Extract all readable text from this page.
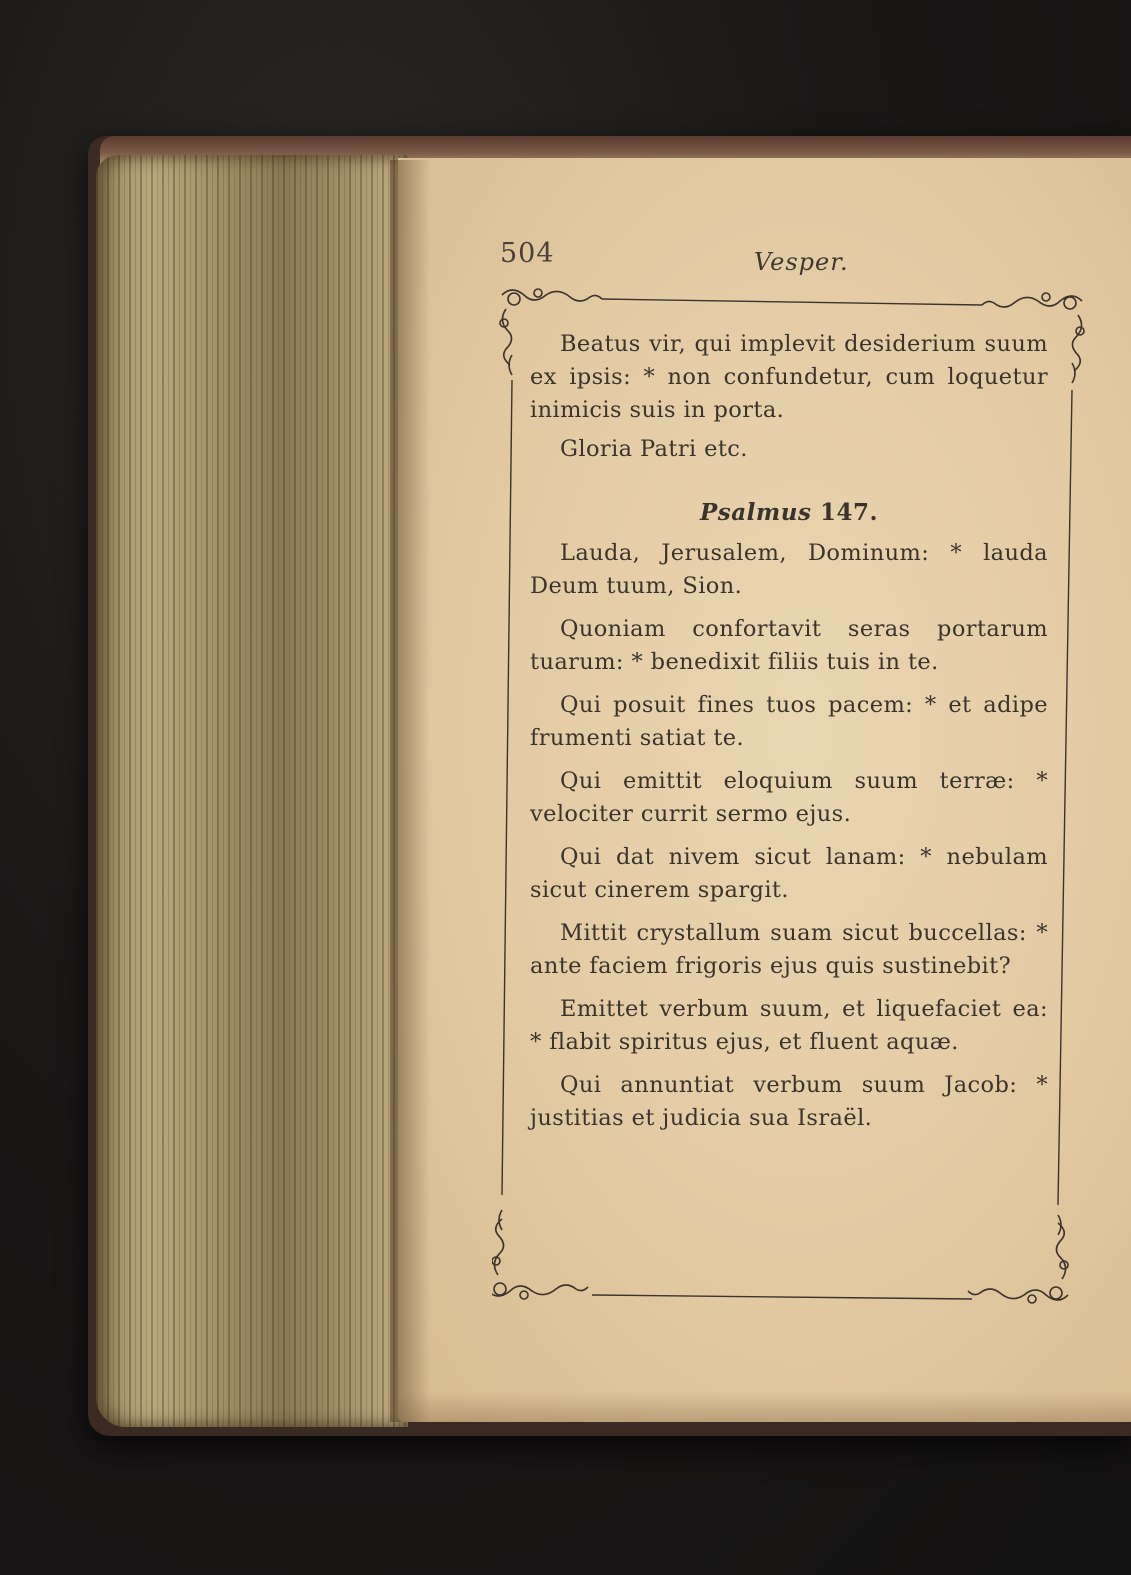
504	Vesper.

Beatus vir, qui implevit desiderium suum ex ipsis: * non confundetur, cum loquetur inimicis suis in porta.

Gloria Patri etc.

Psalmus 147.

Lauda, Jerusalem, Dominum: * lauda Deum tuum, Sion.

Quoniam confortavit seras portarum tuarum: * benedixit filiis tuis in te.

Qui posuit fines tuos pacem: * et adipe frumenti satiat te.

Qui emittit eloquium suum terræ: * velociter currit sermo ejus.

Qui dat nivem sicut lanam: * nebulam sicut cinerem spargit.

Mittit crystallum suam sicut buccellas: * ante faciem frigoris ejus quis sustinebit?

Emittet verbum suum, et liquefaciet ea: * flabit spiritus ejus, et fluent aquæ.

Qui annuntiat verbum suum Jacob: * justitias et judicia sua Israël.
